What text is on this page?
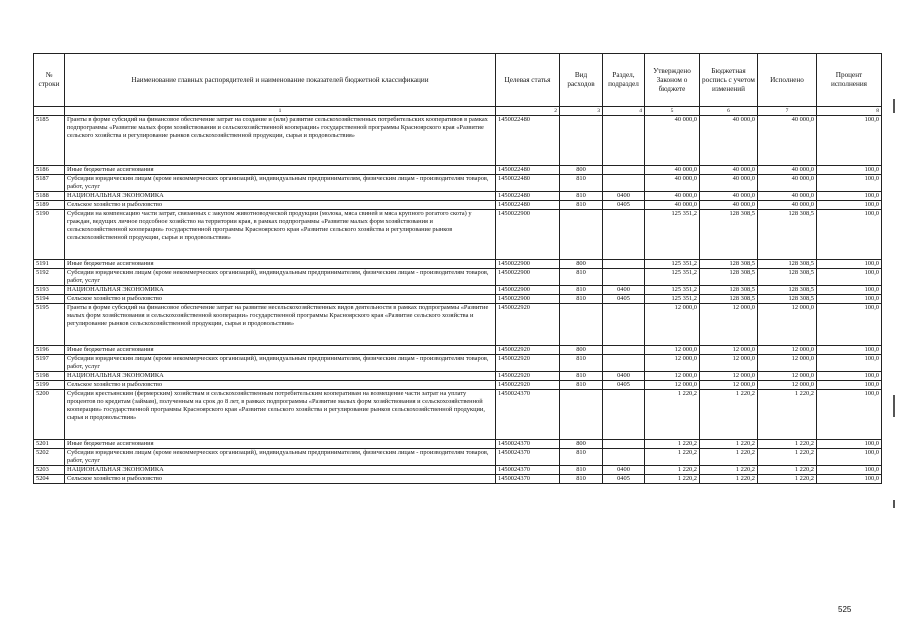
№ строки	Наименование главных распорядителей и наименование показателей бюджетной классификации	Целевая статья	Вид расходов	Раздел, подраздел	Утверждено Законом о бюджете	Бюджетная роспись с учетом изменений	Исполнено	Процент исполнения
	1	2	3	4	5	6	7	8
5185	Гранты в форме субсидий на финансовое обеспечение затрат на создание и (или) развитие сельскохозяйственных потребительских кооперативов в рамках подпрограммы «Развитие малых форм хозяйствования и сельскохозяйственной кооперации» государственной программы Красноярского края «Развитие сельского хозяйства и регулирование рынков сельскохозяйственной продукции, сырья и продовольствия»	1450022480			40 000,0	40 000,0	40 000,0	100,0
5186	Иные бюджетные ассигнования	1450022480	800		40 000,0	40 000,0	40 000,0	100,0
5187	Субсидии юридическим лицам (кроме некоммерческих организаций), индивидуальным предпринимателям, физическим лицам - производителям товаров, работ, услуг	1450022480	810		40 000,0	40 000,0	40 000,0	100,0
5188	НАЦИОНАЛЬНАЯ ЭКОНОМИКА	1450022480	810	0400	40 000,0	40 000,0	40 000,0	100,0
5189	Сельское хозяйство и рыболовство	1450022480	810	0405	40 000,0	40 000,0	40 000,0	100,0
5190	Субсидии на компенсацию части затрат, связанных с закупом животноводческой продукции (молока, мяса свиней и мяса крупного рогатого скота) у граждан, ведущих личное подсобное хозяйство на территории края, в рамках подпрограммы «Развитие малых форм хозяйствования и сельскохозяйственной кооперации» государственной программы Красноярского края «Развитие сельского хозяйства и регулирование рынков сельскохозяйственной продукции, сырья и продовольствия»	1450022900			125 351,2	128 308,5	128 308,5	100,0
5191	Иные бюджетные ассигнования	1450022900	800		125 351,2	128 308,5	128 308,5	100,0
5192	Субсидии юридическим лицам (кроме некоммерческих организаций), индивидуальным предпринимателям, физическим лицам - производителям товаров, работ, услуг	1450022900	810		125 351,2	128 308,5	128 308,5	100,0
5193	НАЦИОНАЛЬНАЯ ЭКОНОМИКА	1450022900	810	0400	125 351,2	128 308,5	128 308,5	100,0
5194	Сельское хозяйство и рыболовство	1450022900	810	0405	125 351,2	128 308,5	128 308,5	100,0
5195	Гранты в форме субсидий на финансовое обеспечение затрат на развитие несельскохозяйственных видов деятельности в рамках подпрограммы «Развитие малых форм хозяйствования и сельскохозяйственной кооперации» государственной программы Красноярского края «Развитие сельского хозяйства и регулирование рынков сельскохозяйственной продукции, сырья и продовольствия»	1450022920			12 000,0	12 000,0	12 000,0	100,0
5196	Иные бюджетные ассигнования	1450022920	800		12 000,0	12 000,0	12 000,0	100,0
5197	Субсидии юридическим лицам (кроме некоммерческих организаций), индивидуальным предпринимателям, физическим лицам - производителям товаров, работ, услуг	1450022920	810		12 000,0	12 000,0	12 000,0	100,0
5198	НАЦИОНАЛЬНАЯ ЭКОНОМИКА	1450022920	810	0400	12 000,0	12 000,0	12 000,0	100,0
5199	Сельское хозяйство и рыболовство	1450022920	810	0405	12 000,0	12 000,0	12 000,0	100,0
5200	Субсидии крестьянским (фермерским) хозяйствам и сельскохозяйственным потребительским кооперативам на возмещение части затрат на уплату процентов по кредитам (займам), полученным на срок до 8 лет, в рамках подпрограммы «Развитие малых форм хозяйствования и сельскохозяйственной кооперации» государственной программы Красноярского края «Развитие сельского хозяйства и регулирование рынков сельскохозяйственной продукции, сырья и продовольствия»	1450024370			1 220,2	1 220,2	1 220,2	100,0
5201	Иные бюджетные ассигнования	1450024370	800		1 220,2	1 220,2	1 220,2	100,0
5202	Субсидии юридическим лицам (кроме некоммерческих организаций), индивидуальным предпринимателям, физическим лицам - производителям товаров, работ, услуг	1450024370	810		1 220,2	1 220,2	1 220,2	100,0
5203	НАЦИОНАЛЬНАЯ ЭКОНОМИКА	1450024370	810	0400	1 220,2	1 220,2	1 220,2	100,0
5204	Сельское хозяйство и рыболовство	1450024370	810	0405	1 220,2	1 220,2	1 220,2	100,0
525
